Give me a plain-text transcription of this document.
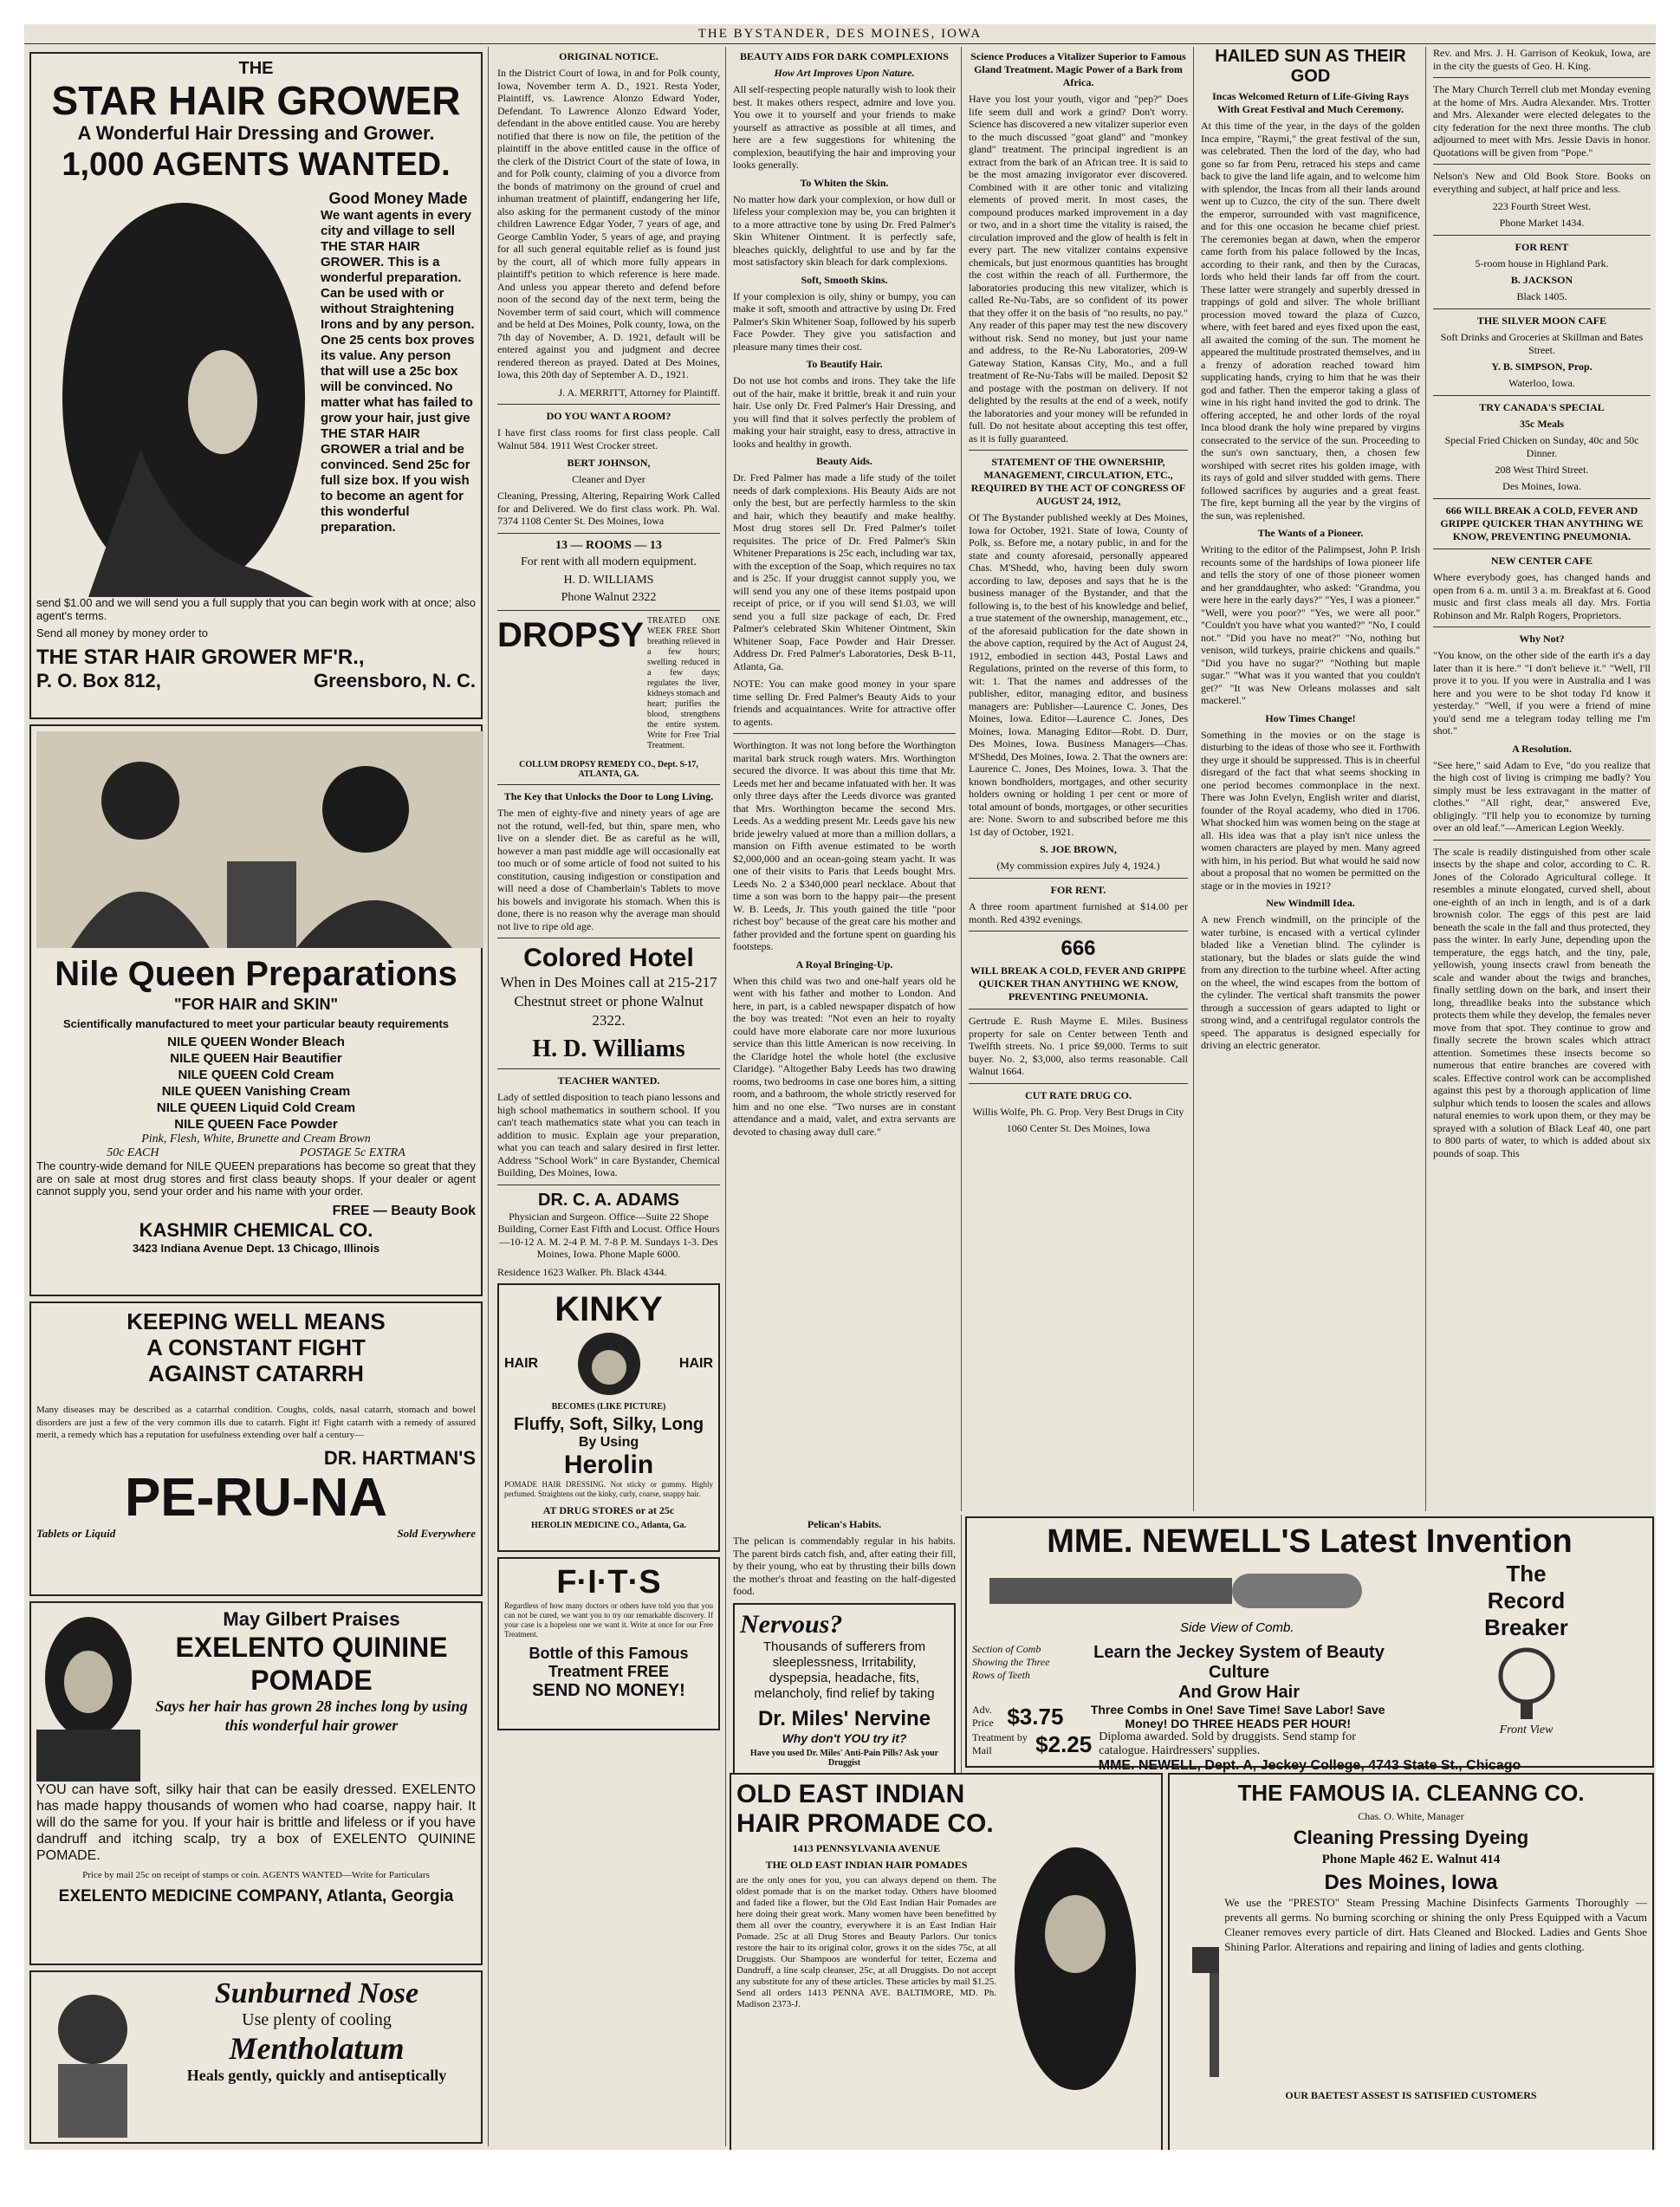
THE BYSTANDER, DES MOINES, IOWA
THE
STAR HAIR GROWER
A Wonderful Hair Dressing and Grower.
1,000 AGENTS WANTED.
Good Money Made

We want agents in every city and village to sell THE STAR HAIR GROWER. This is a wonderful preparation. Can be used with or without Straightening Irons and by any person. One 25 cents box proves its value. Any person that will use a 25c box will be convinced. No matter what has failed to grow your hair, just give THE STAR HAIR GROWER a trial and be convinced. Send 25c for full size box. If you wish to become an agent for this wonderful preparation.

send $1.00 and we will send you a full supply that you can begin work with at once; also agent's terms.

Send all money by money order to

THE STAR HAIR GROWER MF'R.,
P. O. Box 812,	Greensboro, N. C.
Nile Queen Preparations
"FOR HAIR and SKIN"
Scientifically manufactured to meet your particular beauty requirements
NILE QUEEN Wonder Bleach
NILE QUEEN Hair Beautifier
NILE QUEEN Cold Cream
NILE QUEEN Vanishing Cream
NILE QUEEN Liquid Cold Cream
NILE QUEEN Face Powder
Pink, Flesh, White, Brunette and Cream Brown
50c EACH	POSTAGE 5c EXTRA

The country-wide demand for NILE QUEEN preparations has become so great that they are on sale at most drug stores and first class beauty shops. If your dealer or agent cannot supply you, send your order and his name with your order.

FREE — Beauty Book
KASHMIR CHEMICAL CO.
3423 Indiana Avenue Dept. 13 Chicago, Illinois
KEEPING WELL MEANS
A CONSTANT FIGHT
AGAINST CATARRH

Many diseases may be described as a catarrhal condition. Coughs, colds, nasal catarrh, stomach and bowel disorders are just a few of the very common ills due to catarrh. Fight it! Fight catarrh with a remedy of assured merit, a remedy which has a reputation for usefulness extending over half a century—

DR. HARTMAN'S
PE-RU-NA
Tablets or Liquid	Sold Everywhere
May Gilbert Praises
EXELENTO QUININE
POMADE
Says her hair has grown 28 inches long by using this wonderful hair grower

YOU can have soft, silky hair that can be easily dressed. EXELENTO has made happy thousands of women who had coarse, nappy hair. It will do the same for you. If your hair is brittle and lifeless or if you have dandruff and itching scalp, try a box of EXELENTO QUININE POMADE.

Price by mail 25c on receipt of stamps or coin. AGENTS WANTED—Write for Particulars

EXELENTO MEDICINE COMPANY, Atlanta, Georgia
Sunburned Nose
Use plenty of cooling
Mentholatum
Heals gently, quickly and antiseptically
ORIGINAL NOTICE.

In the District Court of Iowa, in and for Polk county, Iowa, November term A. D., 1921. Resta Yoder, Plaintiff, vs. Lawrence Alonzo Edward Yoder, Defendant. To Lawrence Alonzo Edward Yoder, defendant in the above entitled cause. You are hereby notified that there is now on file, the petition of the plaintiff in the above entitled cause in the office of the clerk of the District Court of the state of Iowa, in and for Polk county, claiming of you a divorce from the bonds of matrimony on the ground of cruel and inhuman treatment of plaintiff, endangering her life, also asking for the permanent custody of the minor children Lawrence Edgar Yoder, 7 years of age, and George Camblin Yoder, 5 years of age, and praying for all such general equitable relief as is found just by the court, all of which more fully appears in plaintiff's petition to which reference is here made. And unless you appear thereto and defend before noon of the second day of the next term, being the November term of said court, which will commence and be held at Des Moines, Polk county, Iowa, on the 7th day of November, A. D. 1921, default will be entered against you and judgment and decree rendered thereon as prayed. Dated at Des Moines, Iowa, this 20th day of September A. D., 1921.

J. A. MERRITT, Attorney for Plaintiff.

DO YOU WANT A ROOM?

I have first class rooms for first class people. Call Walnut 584. 1911 West Crocker street.

BERT JOHNSON,
Cleaner and Dyer

Cleaning, Pressing, Altering, Repairing Work Called for and Delivered. We do first class work. Ph. Wal. 7374 1108 Center St. Des Moines, Iowa

13 — ROOMS — 13

For rent with all modern equipment.

H. D. WILLIAMS
Phone Walnut 2322
DROPSY TREATED ONE WEEK FREE Short breathing relieved in a few hours; swelling reduced in a few days; regulates the liver, kidneys stomach and heart; purifies the blood, strengthens the entire system. Write for Free Trial Treatment.

COLLUM DROPSY REMEDY CO., Dept. S-17, ATLANTA, GA.
The Key that Unlocks the Door to Long Living.

The men of eighty-five and ninety years of age are not the rotund, well-fed, but thin, spare men, who live on a slender diet. Be as careful as he will, however a man past middle age will occasionally eat too much or of some article of food not suited to his constitution, causing indigestion or constipation and will need a dose of Chamberlain's Tablets to move his bowels and invigorate his stomach. When this is done, there is no reason why the average man should not live to ripe old age.

Colored Hotel

When in Des Moines call at 215-217 Chestnut street or phone Walnut 2322.

H. D. Williams
TEACHER WANTED.

Lady of settled disposition to teach piano lessons and high school mathematics in southern school. If you can't teach mathematics state what you can teach in addition to music. Explain age your preparation, what you can teach and salary desired in first letter. Address "School Work" in care Bystander, Chemical Building, Des Moines, Iowa.

DR. C. A. ADAMS

Physician and Surgeon. Office—Suite 22 Shope Building, Corner East Fifth and Locust. Office Hours—10-12 A. M. 2-4 P. M. 7-8 P. M. Sundays 1-3. Des Moines, Iowa. Phone Maple 6000.

Residence 1623 Walker. Ph. Black 4344.

KINKY
HAIR	HAIR
BECOMES (LIKE PICTURE)
Fluffy, Soft, Silky, Long
By Using
Herolin

POMADE HAIR DRESSING. Not sticky or gummy. Highly perfumed. Straightens out the kinky, curly, coarse, snappy hair.

AT DRUG STORES or at 25c
HEROLIN MEDICINE CO., Atlanta, Ga.
F·I·T·S

Regardless of how many doctors or others have told you that you can not be cured, we want you to try our remarkable discovery. If your case is a hopeless one we want it. Write at once for our Free Treatment.

Bottle of this Famous Treatment FREE
SEND NO MONEY!
BEAUTY AIDS FOR DARK COMPLEXIONS
How Art Improves Upon Nature.

All self-respecting people naturally wish to look their best. It makes others respect, admire and love you. You owe it to yourself and your friends to make yourself as attractive as possible at all times, and here are a few suggestions for whitening the complexion, beautifying the hair and improving your looks generally.

To Whiten the Skin.

No matter how dark your complexion, or how dull or lifeless your complexion may be, you can brighten it to a more attractive tone by using Dr. Fred Palmer's Skin Whitener Ointment. It is perfectly safe, bleaches quickly, delightful to use and by far the most satisfactory skin bleach for dark complexions.

Soft, Smooth Skins.

If your complexion is oily, shiny or bumpy, you can make it soft, smooth and attractive by using Dr. Fred Palmer's Skin Whitener Soap, followed by his superb Face Powder. They give you satisfaction and pleasure many times their cost.

To Beautify Hair.

Do not use hot combs and irons. They take the life out of the hair, make it brittle, break it and ruin your hair. Use only Dr. Fred Palmer's Hair Dressing, and you will find that it solves perfectly the problem of making your hair straight, easy to dress, attractive in looks and healthy in growth.

Beauty Aids.

Dr. Fred Palmer has made a life study of the toilet needs of dark complexions. His Beauty Aids are not only the best, but are perfectly harmless to the skin and hair, which they beautify and make healthy. Most drug stores sell Dr. Fred Palmer's toilet requisites. The price of Dr. Fred Palmer's Skin Whitener Preparations is 25c each, including war tax, with the exception of the Soap, which requires no tax and is 25c. If your druggist cannot supply you, we will send you any one of these items postpaid upon receipt of price, or if you will send $1.03, we will send you a full size package of each, Dr. Fred Palmer's celebrated Skin Whitener Ointment, Skin Whitener Soap, Face Powder and Hair Dresser. Address Dr. Fred Palmer's Laboratories, Desk B-11, Atlanta, Ga.

NOTE: You can make good money in your spare time selling Dr. Fred Palmer's Beauty Aids to your friends and acquaintances. Write for attractive offer to agents.

Worthington. It was not long before the Worthington marital bark struck rough waters. Mrs. Worthington secured the divorce. It was about this time that Mr. Leeds met her and became infatuated with her. It was only three days after the Leeds divorce was granted that Mrs. Worthington became the second Mrs. Leeds. As a wedding present Mr. Leeds gave his new bride jewelry valued at more than a million dollars, a mansion on Fifth avenue estimated to be worth $2,000,000 and an ocean-going steam yacht. It was one of their visits to Paris that Leeds bought Mrs. Leeds No. 2 a $340,000 pearl necklace. About that time a son was born to the happy pair—the present W. B. Leeds, Jr. This youth gained the title "poor richest boy" because of the great care his mother and father provided and the fortune spent on guarding his footsteps.

A Royal Bringing-Up.

When this child was two and one-half years old he went with his father and mother to London. And here, in part, is a cabled newspaper dispatch of how the boy was treated: "Not even an heir to royalty could have more elaborate care nor more luxurious service than this little American is now receiving. In the Claridge hotel the whole hotel (the exclusive Claridge). "Altogether Baby Leeds has two drawing rooms, two bedrooms in case one bores him, a sitting room, and a bathroom, the whole strictly reserved for him and no one else. "Two nurses are in constant attendance and a maid, valet, and extra servants are devoted to chasing away dull care."

Science Produces a Vitalizer Superior to Famous Gland Treatment. Magic Power of a Bark from Africa.

Have you lost your youth, vigor and "pep?" Does life seem dull and work a grind? Don't worry. Science has discovered a new vitalizer superior even to the much discussed "goat gland" and "monkey gland" treatment. The principal ingredient is an extract from the bark of an African tree. It is said to be the most amazing invigorator ever discovered. Combined with it are other tonic and vitalizing elements of proved merit. In most cases, the compound produces marked improvement in a day or two, and in a short time the vitality is raised, the circulation improved and the glow of health is felt in every part. The new vitalizer contains expensive chemicals, but just enormous quantities has brought the cost within the reach of all. Furthermore, the laboratories producing this new vitalizer, which is called Re-Nu-Tabs, are so confident of its power that they offer it on the basis of "no results, no pay." Any reader of this paper may test the new discovery without risk. Send no money, but just your name and address, to the Re-Nu Laboratories, 209-W Gateway Station, Kansas City, Mo., and a full treatment of Re-Nu-Tabs will be mailed. Deposit $2 and postage with the postman on delivery. If not delighted by the results at the end of a week, notify the laboratories and your money will be refunded in full. Do not hesitate about accepting this test offer, as it is fully guaranteed.

STATEMENT OF THE OWNERSHIP, MANAGEMENT, CIRCULATION, ETC., REQUIRED BY THE ACT OF CONGRESS OF AUGUST 24, 1912,

Of The Bystander published weekly at Des Moines, Iowa for October, 1921. State of Iowa, County of Polk, ss. Before me, a notary public, in and for the state and county aforesaid, personally appeared Chas. M'Shedd, who, having been duly sworn according to law, deposes and says that he is the business manager of the Bystander, and that the following is, to the best of his knowledge and belief, a true statement of the ownership, management, etc., of the aforesaid publication for the date shown in the above caption, required by the Act of August 24, 1912, embodied in section 443, Postal Laws and Regulations, printed on the reverse of this form, to wit: 1. That the names and addresses of the publisher, editor, managing editor, and business managers are: Publisher—Laurence C. Jones, Des Moines, Iowa. Editor—Laurence C. Jones, Des Moines, Iowa. Managing Editor—Robt. D. Durr, Des Moines, Iowa. Business Managers—Chas. M'Shedd, Des Moines, Iowa. 2. That the owners are: Laurence C. Jones, Des Moines, Iowa. 3. That the known bondholders, mortgages, and other security holders owning or holding 1 per cent or more of total amount of bonds, mortgages, or other securities are: None. Sworn to and subscribed before me this 1st day of October, 1921.

S. JOE BROWN,
(My commission expires July 4, 1924.)
FOR RENT.

A three room apartment furnished at $14.00 per month. Red 4392 evenings.

666
WILL BREAK A COLD, FEVER AND GRIPPE QUICKER THAN ANYTHING WE KNOW, PREVENTING PNEUMONIA.

Gertrude E. Rush Mayme E. Miles. Business property for sale on Center between Tenth and Twelfth streets. No. 1 price $9,000. Terms to suit buyer. No. 2, $3,000, also terms reasonable. Call Walnut 1664.

CUT RATE DRUG CO.
Willis Wolfe, Ph. G. Prop. Very Best Drugs in City
1060 Center St. Des Moines, Iowa
HAILED SUN AS THEIR GOD
Incas Welcomed Return of Life-Giving Rays With Great Festival and Much Ceremony.

At this time of the year, in the days of the golden Inca empire, "Raymi," the great festival of the sun, was celebrated. Then the lord of the day, who had gone so far from Peru, retraced his steps and came back to give the land life again, and to welcome him with splendor, the Incas from all their lands around went up to Cuzco, the city of the sun. There dwelt the emperor, surrounded with vast magnificence, and for this one occasion he became chief priest. The ceremonies began at dawn, when the emperor came forth from his palace followed by the Incas, according to their rank, and then by the Curacas, lords who held their lands far off from the court. These latter were strangely and superbly dressed in trappings of gold and silver. The whole brilliant procession moved toward the plaza of Cuzco, where, with feet bared and eyes fixed upon the east, all awaited the coming of the sun. The moment he appeared the multitude prostrated themselves, and in a frenzy of adoration reached toward him supplicating hands, crying to him that he was their god and father. Then the emperor taking a glass of wine in his right hand invited the god to drink. The offering accepted, he and other lords of the royal Inca blood drank the holy wine prepared by virgins consecrated to the service of the sun. Proceeding to the sun's own sanctuary, then, a chosen few worshiped with secret rites his golden image, with its rays of gold and silver studded with gems. There followed sacrifices by auguries and a great feast. The fire, kept burning all the year by the virgins of the sun, was replenished.

The Wants of a Pioneer.

Writing to the editor of the Palimpsest, John P. Irish recounts some of the hardships of Iowa pioneer life and tells the story of one of those pioneer women and her granddaughter, who asked: "Grandma, you were here in the early days?" "Yes, I was a pioneer." "Well, were you poor?" "Yes, we were all poor." "Couldn't you have what you wanted?" "No, I could not." "Did you have no meat?" "No, nothing but venison, wild turkeys, prairie chickens and quails." "Did you have no sugar?" "Nothing but maple sugar." "What was it you wanted that you couldn't get?" "It was New Orleans molasses and salt mackerel."

How Times Change!

Something in the movies or on the stage is disturbing to the ideas of those who see it. Forthwith they urge it should be suppressed. This is in cheerful disregard of the fact that what seems shocking in one period becomes commonplace in the next. There was John Evelyn, English writer and diarist, founder of the Royal academy, who died in 1706. What shocked him was women being on the stage at all. His idea was that a play isn't nice unless the women characters are played by men. Many agreed with him, in his period. But what would he said now about a proposal that no women be permitted on the stage or in the movies in 1921?

New Windmill Idea.

A new French windmill, on the principle of the water turbine, is encased with a vertical cylinder bladed like a Venetian blind. The cylinder is stationary, but the blades or slats guide the wind from any direction to the turbine wheel. After acting on the wheel, the wind escapes from the bottom of the cylinder. The vertical shaft transmits the power through a succession of gears adapted to light or strong wind, and a centrifugal regulator controls the speed. The apparatus is designed especially for driving an electric generator.

Rev. and Mrs. J. H. Garrison of Keokuk, Iowa, are in the city the guests of Geo. H. King.

The Mary Church Terrell club met Monday evening at the home of Mrs. Audra Alexander. Mrs. Trotter and Mrs. Alexander were elected delegates to the city federation for the next three months. The club adjourned to meet with Mrs. Jessie Davis in honor. Quotations will be given from "Pope."

Nelson's New and Old Book Store. Books on everything and subject, at half price and less.

223 Fourth Street West.
Phone Market 1434.
FOR RENT
5-room house in Highland Park.
B. JACKSON
Black 1405.
THE SILVER MOON CAFE
Soft Drinks and Groceries at Skillman and Bates Street.
Y. B. SIMPSON, Prop.
Waterloo, Iowa.
TRY CANADA'S SPECIAL
35c Meals
Special Fried Chicken on Sunday, 40c and 50c Dinner.
208 West Third Street.
Des Moines, Iowa.
666 WILL BREAK A COLD, FEVER AND GRIPPE QUICKER THAN ANYTHING WE KNOW, PREVENTING PNEUMONIA.
NEW CENTER CAFE

Where everybody goes, has changed hands and open from 6 a. m. until 3 a. m. Breakfast at 6. Good music and first class meals all day. Mrs. Fortia Robinson and Mr. Ralph Rogers, Proprietors.

Why Not?

"You know, on the other side of the earth it's a day later than it is here." "I don't believe it." "Well, I'll prove it to you. If you were in Australia and I was here and you were to be shot today I'd know it yesterday." "Well, if you were a friend of mine you'd send me a telegram today telling me I'm shot."

A Resolution.

"See here," said Adam to Eve, "do you realize that the high cost of living is crimping me badly? You simply must be less extravagant in the matter of clothes." "All right, dear," answered Eve, obligingly. "I'll help you to economize by turning over an old leaf."—American Legion Weekly.

The scale is readily distinguished from other scale insects by the shape and color, according to C. R. Jones of the Colorado Agricultural college. It resembles a minute elongated, curved shell, about one-eighth of an inch in length, and is of a dark brownish color. The eggs of this pest are laid beneath the scale in the fall and thus protected, they pass the winter. In early June, depending upon the temperature, the eggs hatch, and the tiny, pale, yellowish, young insects crawl from beneath the scale and wander about the twigs and branches, finally settling down on the bark, and insert their long, threadlike beaks into the substance which protects them while they develop, the females never move from that spot. They continue to grow and finally secrete the brown scales which attract attention. Sometimes these insects become so numerous that entire branches are covered with scales. Effective control work can be accomplished against this pest by a thorough application of lime sulphur which tends to loosen the scales and allows natural enemies to work upon them, or they may be sprayed with a solution of Black Leaf 40, one part to 800 parts of water, to which is added about six pounds of soap. This

Pelican's Habits.

The pelican is commendably regular in his habits. The parent birds catch fish, and, after eating their fill, by their young, who eat by thrusting their bills down the mother's throat and feasting on the half-digested food.

Nervous?

Thousands of sufferers from sleeplessness, Irritability, dyspepsia, headache, fits, melancholy, find relief by taking

Dr. Miles' Nervine
Why don't YOU try it?
Have you used Dr. Miles' Anti-Pain Pills? Ask your Druggist
MME. NEWELL'S Latest Invention
Side View of Comb.
Section of Comb Showing the Three Rows of Teeth
Learn the Jeckey System of Beauty Culture
And Grow Hair
Adv. Price $3.75	Three Combs in One! Save Time! Save Labor! Save Money! DO THREE HEADS PER HOUR!
Treatment by Mail	$2.25 Diploma awarded. Sold by druggists. Send stamp for catalogue. Hairdressers' supplies.
The
Record
Breaker
Front View
MME. NEWELL, Dept. A, Jeckey College, 4743 State St., Chicago
OLD EAST INDIAN
HAIR PROMADE CO.
1413 PENNSYLVANIA AVENUE
THE OLD EAST INDIAN HAIR POMADES

are the only ones for you, you can always depend on them. The oldest pomade that is on the market today. Others have bloomed and faded like a flower, but the Old East Indian Hair Pomades are here doing their great work. Many women have been benefitted by them all over the country, everywhere it is an East Indian Hair Pomade. 25c at all Drug Stores and Beauty Parlors. Our tonics restore the hair to its original color, grows it on the sides 75c, at all Druggists. Our Shampoos are wonderful for tetter, Eczema and Dandruff, a line scalp cleanser, 25c, at all Druggists. Do not accept any substitute for any of these articles. These articles by mail $1.25. Send all orders 1413 PENNA AVE. BALTIMORE, MD. Ph. Madison 2373-J.

THE FAMOUS IA. CLEANNG CO.
Chas. O. White, Manager
Cleaning Pressing Dyeing
Phone Maple 462 E. Walnut 414
Des Moines, Iowa

We use the "PRESTO" Steam Pressing Machine Disinfects Garments Thoroughly — prevents all germs. No burning scorching or shining the only Press Equipped with a Vacum Cleaner removes every particle of dirt. Hats Cleaned and Blocked. Ladies and Gents Shoe Shining Parlor. Alterations and repairing and lining of ladies and gents clothing.

OUR BAETEST ASSEST IS SATISFIED CUSTOMERS
